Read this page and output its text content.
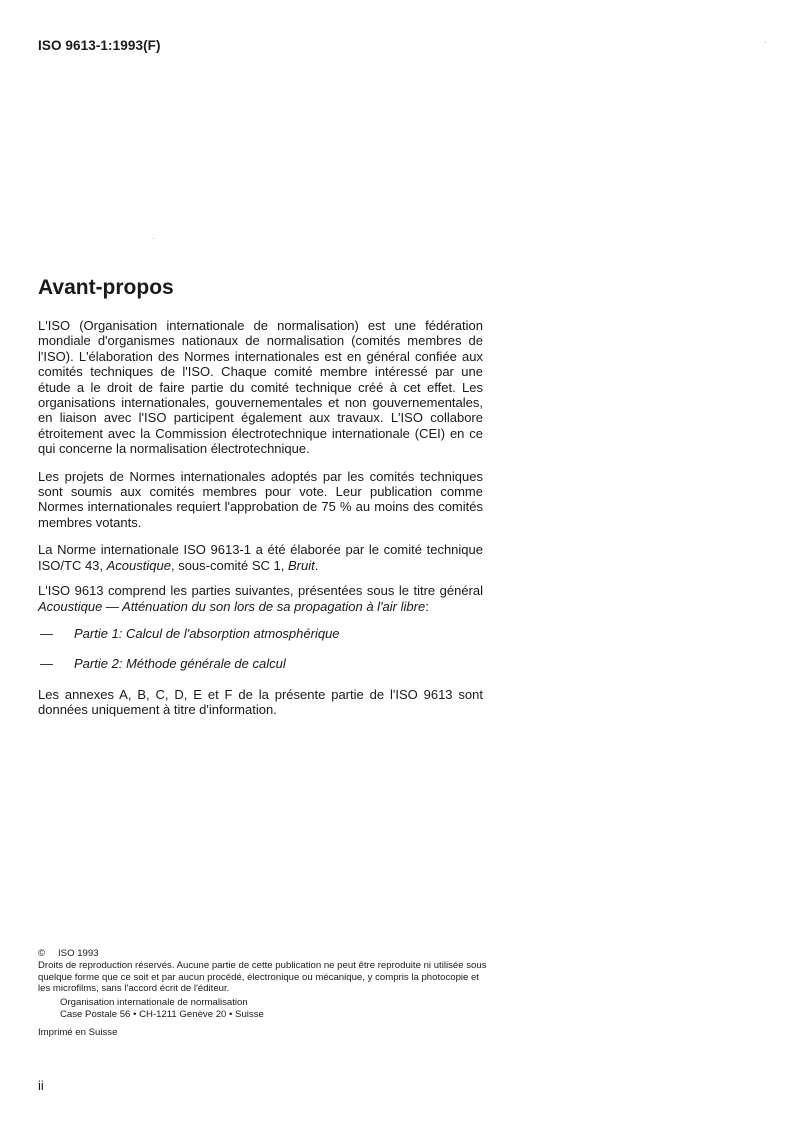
ISO 9613-1:1993(F)
Avant-propos

L'ISO (Organisation internationale de normalisation) est une fédération mondiale d'organismes nationaux de normalisation (comités membres de l'ISO). L'élaboration des Normes internationales est en général confiée aux comités techniques de l'ISO. Chaque comité membre intéressé par une étude a le droit de faire partie du comité technique créé à cet effet. Les organisations internationales, gouvernementales et non gouvernementales, en liaison avec l'ISO participent également aux travaux. L'ISO collabore étroitement avec la Commission électrotechnique internationale (CEI) en ce qui concerne la normalisation électrotechnique.

Les projets de Normes internationales adoptés par les comités techniques sont soumis aux comités membres pour vote. Leur publication comme Normes internationales requiert l'approbation de 75 % au moins des comités membres votants.

La Norme internationale ISO 9613-1 a été élaborée par le comité technique ISO/TC 43, Acoustique, sous-comité SC 1, Bruit.

L'ISO 9613 comprend les parties suivantes, présentées sous le titre général Acoustique — Atténuation du son lors de sa propagation à l'air libre:

— Partie 1: Calcul de l'absorption atmosphérique
— Partie 2: Méthode générale de calcul

Les annexes A, B, C, D, E et F de la présente partie de l'ISO 9613 sont données uniquement à titre d'information.

© ISO 1993

Droits de reproduction réservés. Aucune partie de cette publication ne peut être reproduite ni utilisée sous quelque forme que ce soit et par aucun procédé, électronique ou mécanique, y compris la photocopie et les microfilms, sans l'accord écrit de l'éditeur.

Organisation internationale de normalisation
Case Postale 56 • CH-1211 Genève 20 • Suisse

Imprimé en Suisse

ii
